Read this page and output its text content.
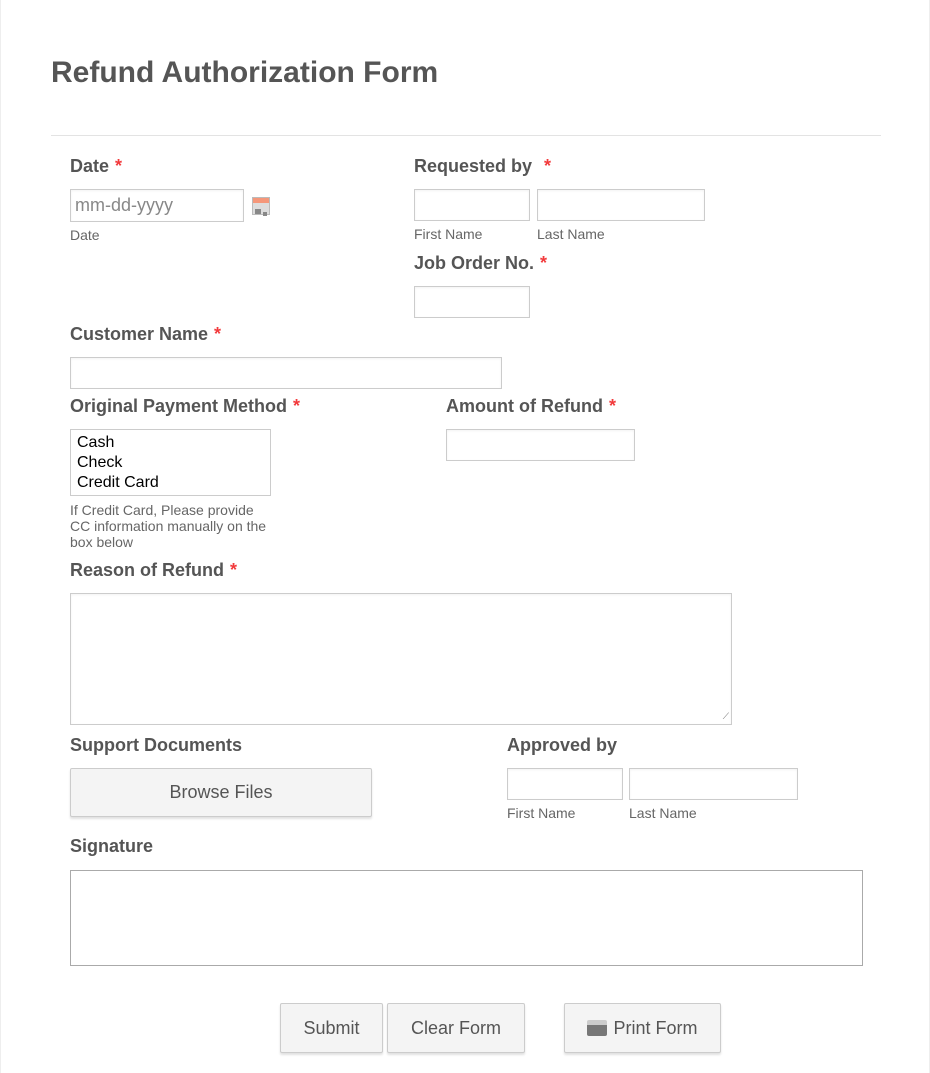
Refund Authorization Form
Date *
mm-dd-yyyy
Date
Requested by *
First Name	Last Name
Job Order No. *
Customer Name *
Original Payment Method *
Cash
Check
Credit Card
If Credit Card, Please provide CC information manually on the box below
Amount of Refund *
Reason of Refund *
⟋
Support Documents
Browse Files
Approved by
First Name	Last Name
Signature
Submit	Clear Form	Print Form
